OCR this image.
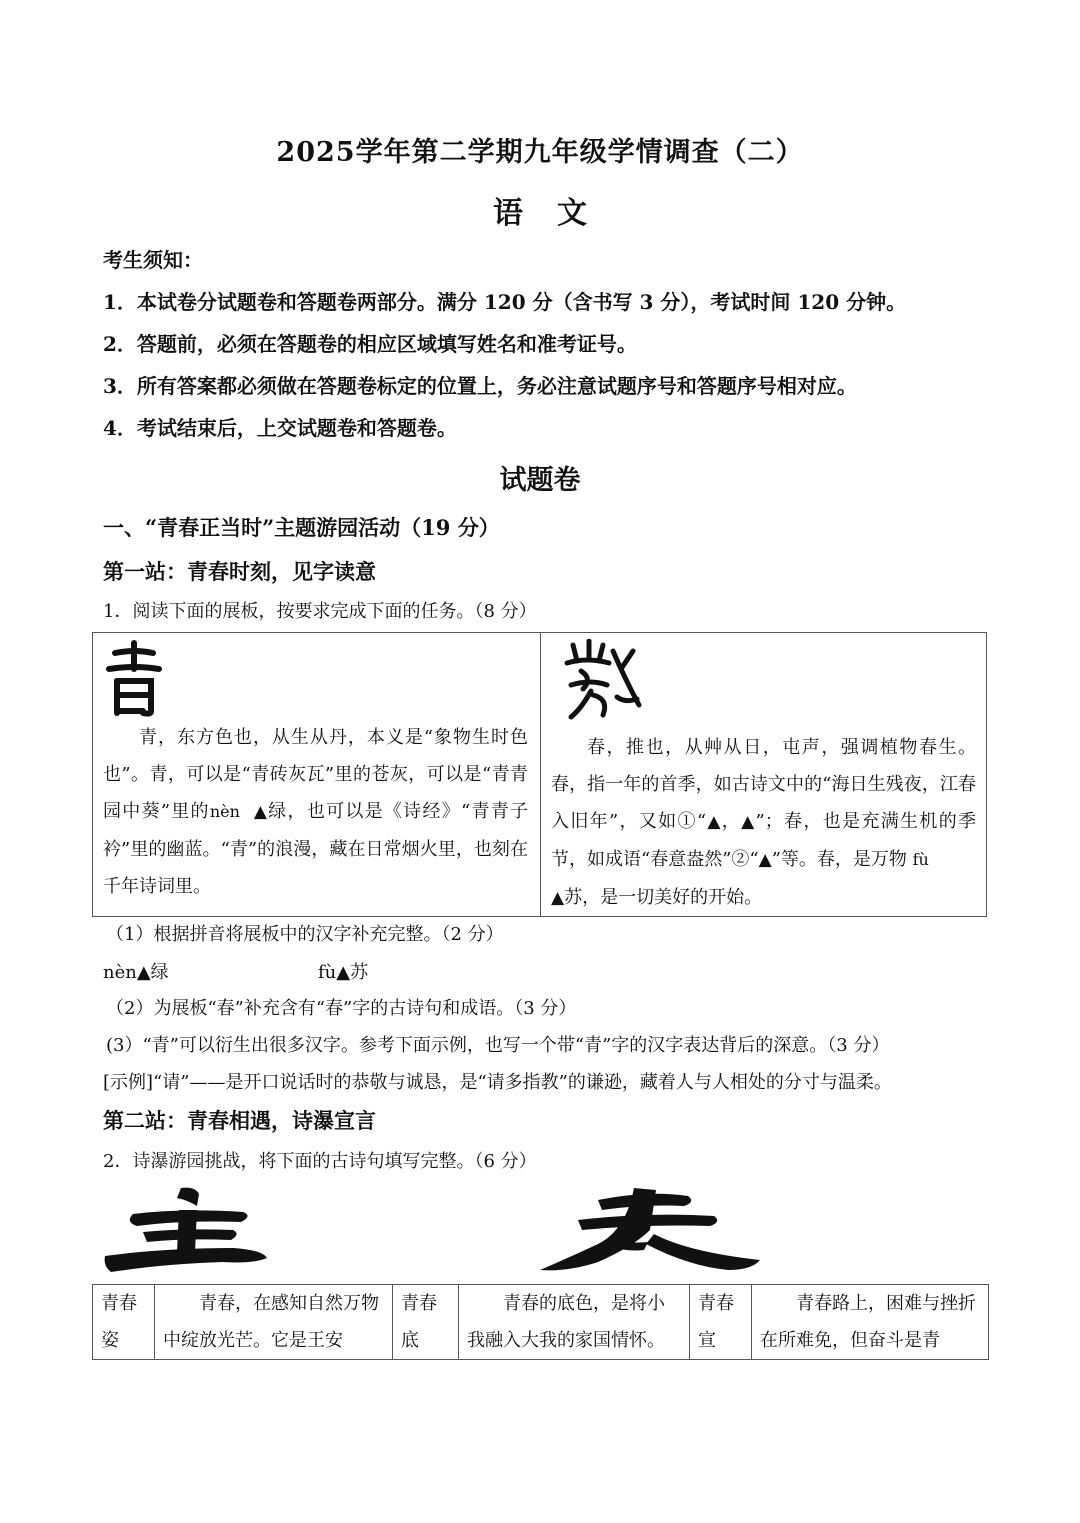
2025学年第二学期九年级学情调查（二）
语文
考生须知：
1．本试卷分试题卷和答题卷两部分。满分 120 分（含书写 3 分），考试时间 120 分钟。
2．答题前，必须在答题卷的相应区域填写姓名和准考证号。
3．所有答案都必须做在答题卷标定的位置上，务必注意试题序号和答题序号相对应。
4．考试结束后，上交试题卷和答题卷。
试题卷
一、“青春正当时”主题游园活动（19 分）
第一站：青春时刻，见字读意
1．阅读下面的展板，按要求完成下面的任务。（8 分）
青，东方色也，从生从丹，本义是“象物生时色也”。青，可以是“青砖灰瓦”里的苍灰，可以是“青青园中葵”里的nèn ▲绿，也可以是《诗经》“青青子衿”里的幽蓝。“青”的浪漫，藏在日常烟火里，也刻在千年诗词里。
春，推也，从艸从日，屯声，强调植物春生。春，指一年的首季，如古诗文中的“海日生残夜，江春入旧年”，又如①“▲，▲”；春，也是充满生机的季节，如成语“春意盎然”②“▲”等。春，是万物 fù
▲苏，是一切美好的开始。
（1）根据拼音将展板中的汉字补充完整。（2 分）
nèn▲绿	fù▲苏
（2）为展板“春”补充含有“春”字的古诗句和成语。（3 分）
(3）“青”可以衍生出很多汉字。参考下面示例，也写一个带“青”字的汉字表达背后的深意。（3 分）
[示例]“请”——是开口说话时的恭敬与诚恳，是“请多指教”的谦逊，藏着人与人相处的分寸与温柔。
第二站：青春相遇，诗瀑宣言
2．诗瀑游园挑战，将下面的古诗句填写完整。（6 分）
青春姿	青春，在感知自然万物中绽放光芒。它是王安	青春底	青春的底色，是将小我融入大我的家国情怀。	青春宣	青春路上，困难与挫折在所难免，但奋斗是青
